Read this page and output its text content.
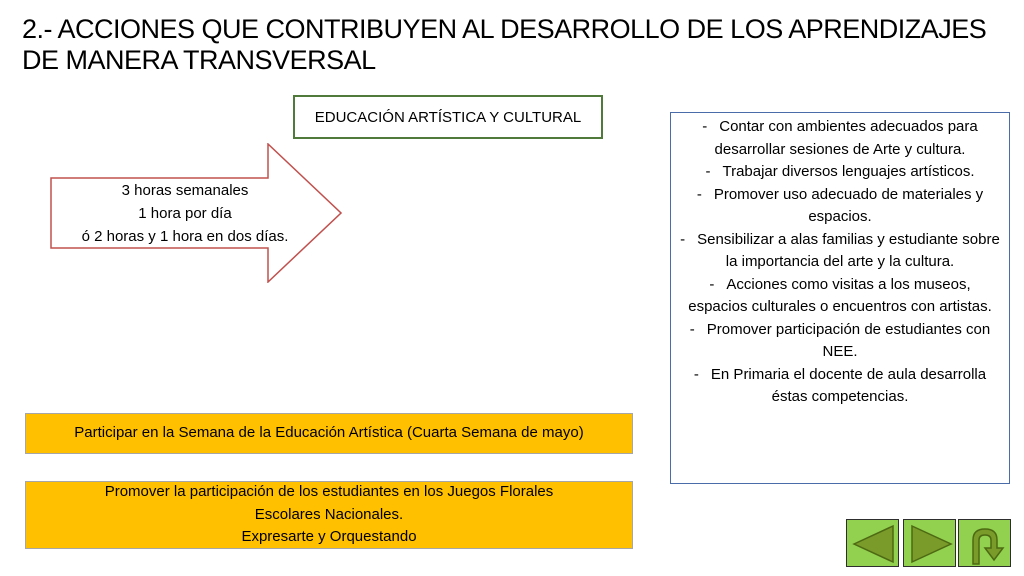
2.- ACCIONES QUE CONTRIBUYEN AL DESARROLLO DE LOS APRENDIZAJES DE MANERA TRANSVERSAL
EDUCACIÓN ARTÍSTICA Y CULTURAL
3 horas semanales
1 hora por día
ó 2 horas y 1 hora en dos días.
- Contar con ambientes adecuados para desarrollar sesiones de Arte y cultura.
- Trabajar diversos lenguajes artísticos.
- Promover uso adecuado de materiales y espacios.
- Sensibilizar a alas familias y estudiante sobre la importancia del arte y la cultura.
- Acciones como visitas a los museos, espacios culturales o encuentros con artistas.
- Promover participación de estudiantes con NEE.
- En Primaria el docente de aula desarrolla éstas competencias.
Participar en la Semana de la Educación Artística (Cuarta Semana de mayo)
Promover la participación de los estudiantes en los Juegos Florales
Escolares Nacionales.
Expresarte y Orquestando
